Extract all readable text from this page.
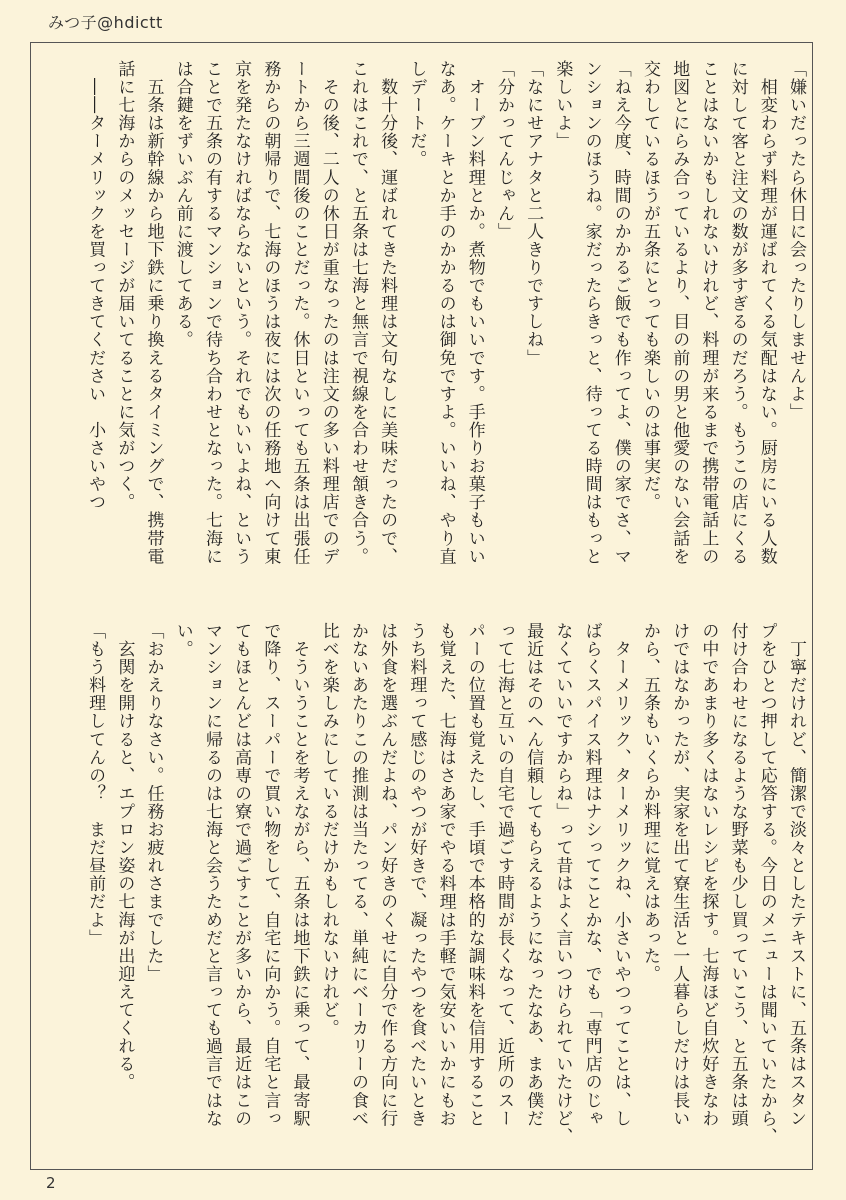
みつ子@hdictt
「嫌いだったら休日に会ったりしませんよ」
　相変わらず料理が運ばれてくる気配はない。厨房にいる人数
に対して客と注文の数が多すぎるのだろう。もうこの店にくる
ことはないかもしれないけれど、料理が来るまで携帯電話上の
地図とにらみ合っているより、目の前の男と他愛のない会話を
交わしているほうが五条にとっても楽しいのは事実だ。
「ねえ今度、時間のかかるご飯でも作ってよ、僕の家でさ、マ
ンションのほうね。家だったらきっと、待ってる時間はもっと
楽しいよ」
「なにせアナタと二人きりですしね」
「分かってんじゃん」
　オーブン料理とか。煮物でもいいです。手作りお菓子もいい
なあ。ケーキとか手のかかるのは御免ですよ。いいね、やり直
しデートだ。
　数十分後、運ばれてきた料理は文句なしに美味だったので、
これはこれで、と五条は七海と無言で視線を合わせ頷き合う。
　その後、二人の休日が重なったのは注文の多い料理店でのデ
ートから三週間後のことだった。休日といっても五条は出張任
務からの朝帰りで、七海のほうは夜には次の任務地へ向けて東
京を発たなければならないという。それでもいいよね、という
ことで五条の有するマンションで待ち合わせとなった。七海に
は合鍵をずいぶん前に渡してある。
　五条は新幹線から地下鉄に乗り換えるタイミングで、携帯電
話に七海からのメッセージが届いてることに気がつく。
　――ターメリックを買ってきてください　小さいやつ
　丁寧だけれど、簡潔で淡々としたテキストに、五条はスタン
プをひとつ押して応答する。今日のメニューは聞いていたから、
付け合わせになるような野菜も少し買っていこう、と五条は頭
の中であまり多くはないレシピを探す。七海ほど自炊好きなわ
けではなかったが、実家を出て寮生活と一人暮らしだけは長い
から、五条もいくらか料理に覚えはあった。
　ターメリック、ターメリックね、小さいやつってことは、し
ばらくスパイス料理はナシってことかな、でも「専門店のじゃ
なくていいですからね」って昔はよく言いつけられていたけど、
最近はそのへん信頼してもらえるようになったなあ、まあ僕だ
って七海と互いの自宅で過ごす時間が長くなって、近所のスー
パーの位置も覚えたし、手頃で本格的な調味料を信用すること
も覚えた、七海はさあ家でやる料理は手軽で気安いいかにもお
うち料理って感じのやつが好きで、凝ったやつを食べたいとき
は外食を選ぶんだよね、パン好きのくせに自分で作る方向に行
かないあたりこの推測は当たってる、単純にベーカリーの食べ
比べを楽しみにしているだけかもしれないけれど。
　そういうことを考えながら、五条は地下鉄に乗って、最寄駅
で降り、スーパーで買い物をして、自宅に向かう。自宅と言っ
てもほとんどは高専の寮で過ごすことが多いから、最近はこの
マンションに帰るのは七海と会うためだと言っても過言ではな
い。
「おかえりなさい。任務お疲れさまでした」
　玄関を開けると、エプロン姿の七海が出迎えてくれる。
「もう料理してんの？　まだ昼前だよ」
2
